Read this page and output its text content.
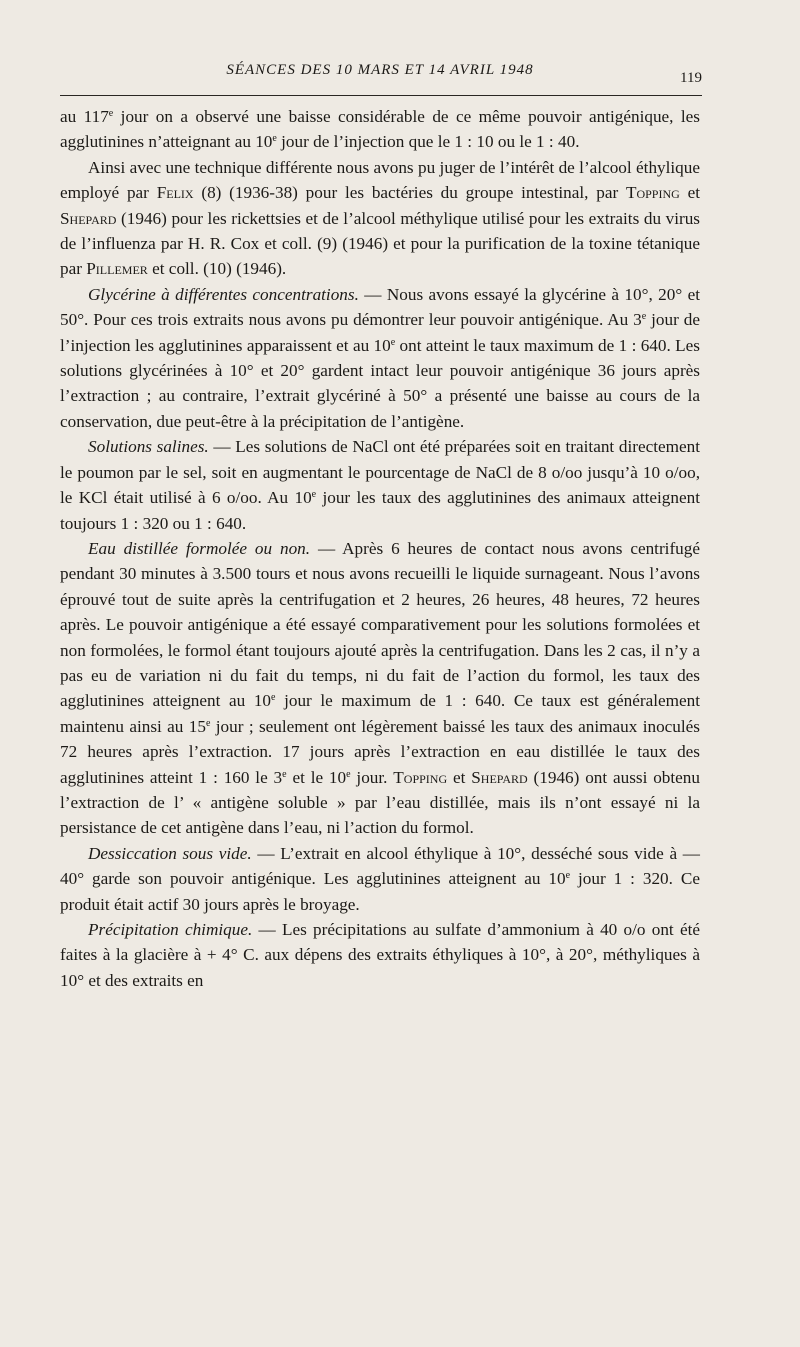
SÉANCES DES 10 MARS ET 14 AVRIL 1948	119

au 117e jour on a observé une baisse considérable de ce même pouvoir antigénique, les agglutinines n’atteignant au 10e jour de l’injection que le 1 : 10 ou le 1 : 40.

Ainsi avec une technique différente nous avons pu juger de l’intérêt de l’alcool éthylique employé par Felix (8) (1936-38) pour les bactéries du groupe intestinal, par Topping et Shepard (1946) pour les rickettsies et de l’alcool méthylique utilisé pour les extraits du virus de l’influenza par H. R. Cox et coll. (9) (1946) et pour la purification de la toxine tétanique par Pillemer et coll. (10) (1946).

Glycérine à différentes concentrations. — Nous avons essayé la glycérine à 10°, 20° et 50°. Pour ces trois extraits nous avons pu démontrer leur pouvoir antigénique. Au 3e jour de l’injection les agglutinines apparaissent et au 10e ont atteint le taux maximum de 1 : 640. Les solutions glycérinées à 10° et 20° gardent intact leur pouvoir antigénique 36 jours après l’extraction ; au contraire, l’extrait glycériné à 50° a présenté une baisse au cours de la conservation, due peut-être à la précipitation de l’antigène.

Solutions salines. — Les solutions de NaCl ont été préparées soit en traitant directement le poumon par le sel, soit en augmentant le pourcentage de NaCl de 8 o/oo jusqu’à 10 o/oo, le KCl était utilisé à 6 o/oo. Au 10e jour les taux des agglutinines des animaux atteignent toujours 1 : 320 ou 1 : 640.

Eau distillée formolée ou non. — Après 6 heures de contact nous avons centrifugé pendant 30 minutes à 3.500 tours et nous avons recueilli le liquide surnageant. Nous l’avons éprouvé tout de suite après la centrifugation et 2 heures, 26 heures, 48 heures, 72 heures après. Le pouvoir antigénique a été essayé comparativement pour les solutions formolées et non formolées, le formol étant toujours ajouté après la centrifugation. Dans les 2 cas, il n’y a pas eu de variation ni du fait du temps, ni du fait de l’action du formol, les taux des agglutinines atteignent au 10e jour le maximum de 1 : 640. Ce taux est généralement maintenu ainsi au 15e jour ; seulement ont légèrement baissé les taux des animaux inoculés 72 heures après l’extraction. 17 jours après l’extraction en eau distillée le taux des agglutinines atteint 1 : 160 le 3e et le 10e jour. Topping et Shepard (1946) ont aussi obtenu l’extraction de l’ « antigène soluble » par l’eau distillée, mais ils n’ont essayé ni la persistance de cet antigène dans l’eau, ni l’action du formol.

Dessiccation sous vide. — L’extrait en alcool éthylique à 10°, desséché sous vide à — 40° garde son pouvoir antigénique. Les agglutinines atteignent au 10e jour 1 : 320. Ce produit était actif 30 jours après le broyage.

Précipitation chimique. — Les précipitations au sulfate d’ammonium à 40 o/o ont été faites à la glacière à + 4° C. aux dépens des extraits éthyliques à 10°, à 20°, méthyliques à 10° et des extraits en
